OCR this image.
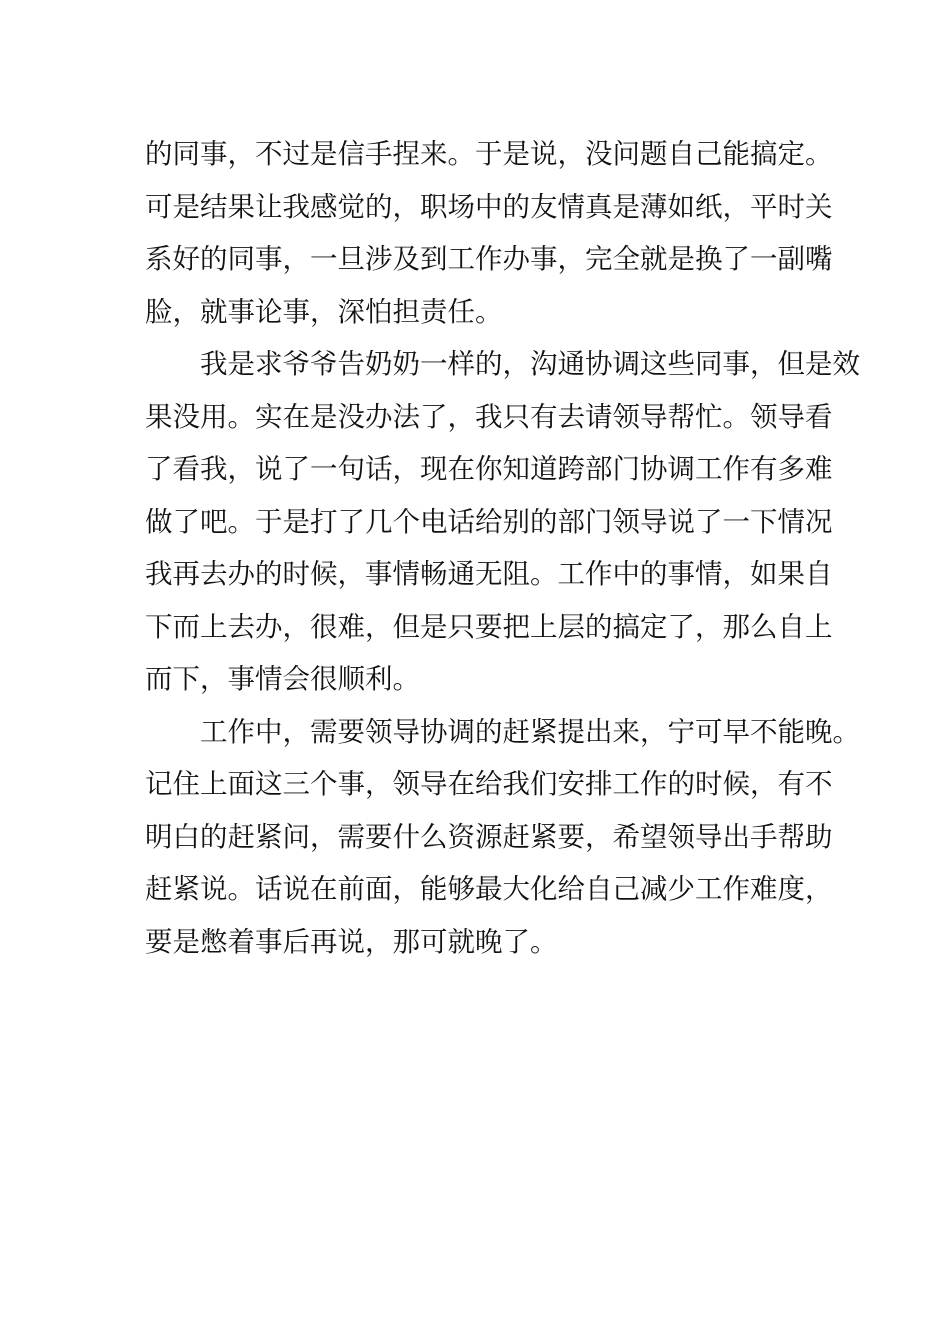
的同事，不过是信手捏来。于是说，没问题自己能搞定。
可是结果让我感觉的，职场中的友情真是薄如纸，平时关
系好的同事，一旦涉及到工作办事，完全就是换了一副嘴
脸，就事论事，深怕担责任。
　　我是求爷爷告奶奶一样的，沟通协调这些同事，但是效
果没用。实在是没办法了，我只有去请领导帮忙。领导看
了看我，说了一句话，现在你知道跨部门协调工作有多难
做了吧。于是打了几个电话给别的部门领导说了一下情况
我再去办的时候，事情畅通无阻。工作中的事情，如果自
下而上去办，很难，但是只要把上层的搞定了，那么自上
而下，事情会很顺利。
　　工作中，需要领导协调的赶紧提出来，宁可早不能晚。
记住上面这三个事，领导在给我们安排工作的时候，有不
明白的赶紧问，需要什么资源赶紧要，希望领导出手帮助
赶紧说。话说在前面，能够最大化给自己减少工作难度，
要是憋着事后再说，那可就晚了。
